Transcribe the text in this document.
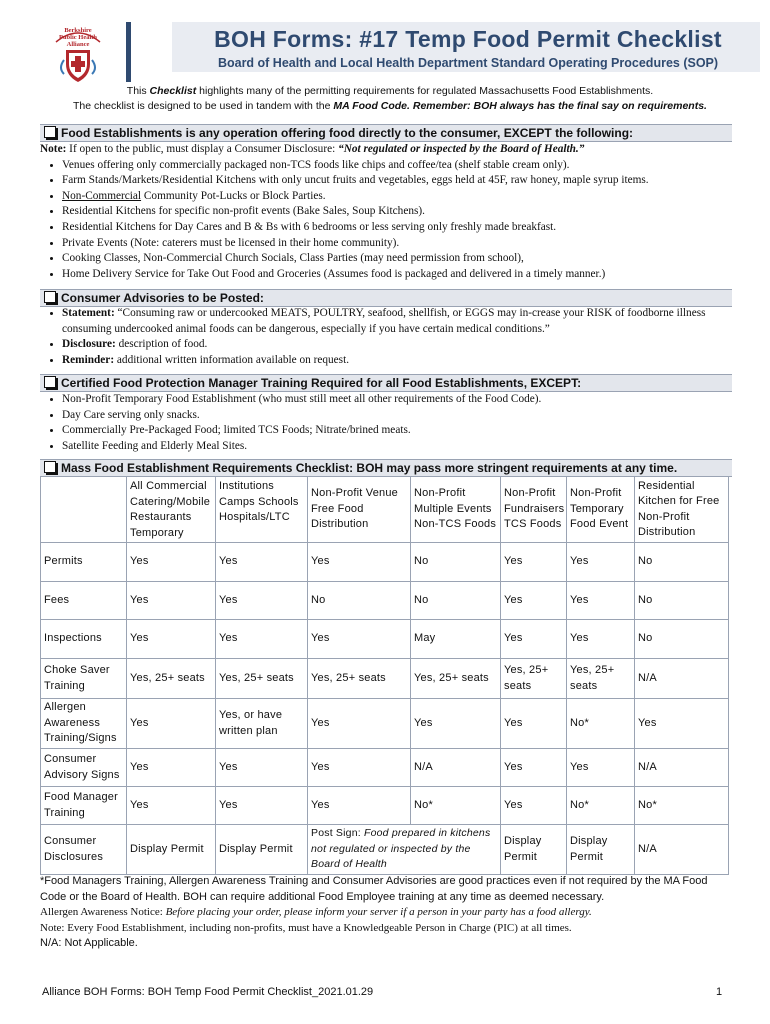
Berkshire
Public Health
Alliance	BOH Forms: #17 Temp Food Permit Checklist
Board of Health and Local Health Department Standard Operating Procedures (SOP)
This Checklist highlights many of the permitting requirements for regulated Massachusetts Food Establishments.
The checklist is designed to be used in tandem with the MA Food Code. Remember: BOH always has the final say on requirements.
Food Establishments is any operation offering food directly to the consumer, EXCEPT the following:
Note: If open to the public, must display a Consumer Disclosure: “Not regulated or inspected by the Board of Health.”
• Venues offering only commercially packaged non-TCS foods like chips and coffee/tea (shelf stable cream only).
• Farm Stands/Markets/Residential Kitchens with only uncut fruits and vegetables, eggs held at 45F, raw honey, maple syrup items.
• Non-Commercial Community Pot-Lucks or Block Parties.
• Residential Kitchens for specific non-profit events (Bake Sales, Soup Kitchens).
• Residential Kitchens for Day Cares and B & Bs with 6 bedrooms or less serving only freshly made breakfast.
• Private Events (Note: caterers must be licensed in their home community).
• Cooking Classes, Non-Commercial Church Socials, Class Parties (may need permission from school),
• Home Delivery Service for Take Out Food and Groceries (Assumes food is packaged and delivered in a timely manner.)
Consumer Advisories to be Posted:
• Statement: “Consuming raw or undercooked MEATS, POULTRY, seafood, shellfish, or EGGS may in-crease your RISK of foodborne illness consuming undercooked animal foods can be dangerous, especially if you have certain medical conditions.”
• Disclosure: description of food.
• Reminder: additional written information available on request.
Certified Food Protection Manager Training Required for all Food Establishments, EXCEPT:
• Non-Profit Temporary Food Establishment (who must still meet all other requirements of the Food Code).
• Day Care serving only snacks.
• Commercially Pre-Packaged Food; limited TCS Foods; Nitrate/brined meats.
• Satellite Feeding and Elderly Meal Sites.
Mass Food Establishment Requirements Checklist: BOH may pass more stringent requirements at any time.
	All Commercial Catering/Mobile Restaurants Temporary	Institutions Camps Schools Hospitals/LTC	Non-Profit Venue Free Food Distribution	Non-Profit Multiple Events Non-TCS Foods	Non-Profit Fundraisers TCS Foods	Non-Profit Temporary Food Event	Residential Kitchen for Free Non-Profit Distribution
Permits	Yes	Yes	Yes	No	Yes	Yes	No
Fees	Yes	Yes	No	No	Yes	Yes	No
Inspections	Yes	Yes	Yes	May	Yes	Yes	No
Choke Saver Training	Yes, 25+ seats	Yes, 25+ seats	Yes, 25+ seats	Yes, 25+ seats	Yes, 25+ seats	Yes, 25+ seats	N/A
Allergen Awareness Training/Signs	Yes	Yes, or have written plan	Yes	Yes	Yes	No*	Yes
Consumer Advisory Signs	Yes	Yes	Yes	N/A	Yes	Yes	N/A
Food Manager Training	Yes	Yes	Yes	No*	Yes	No*	No*
Consumer Disclosures	Display Permit	Display Permit	Post Sign: Food prepared in kitchens not regulated or inspected by the Board of Health		Display Permit	Display Permit	N/A
*Food Managers Training, Allergen Awareness Training and Consumer Advisories are good practices even if not required by the MA Food Code or the Board of Health. BOH can require additional Food Employee training at any time as deemed necessary.
Allergen Awareness Notice: Before placing your order, please inform your server if a person in your party has a food allergy.
Note: Every Food Establishment, including non-profits, must have a Knowledgeable Person in Charge (PIC) at all times.
N/A: Not Applicable.
Alliance BOH Forms: BOH Temp Food Permit Checklist_2021.01.29	1
